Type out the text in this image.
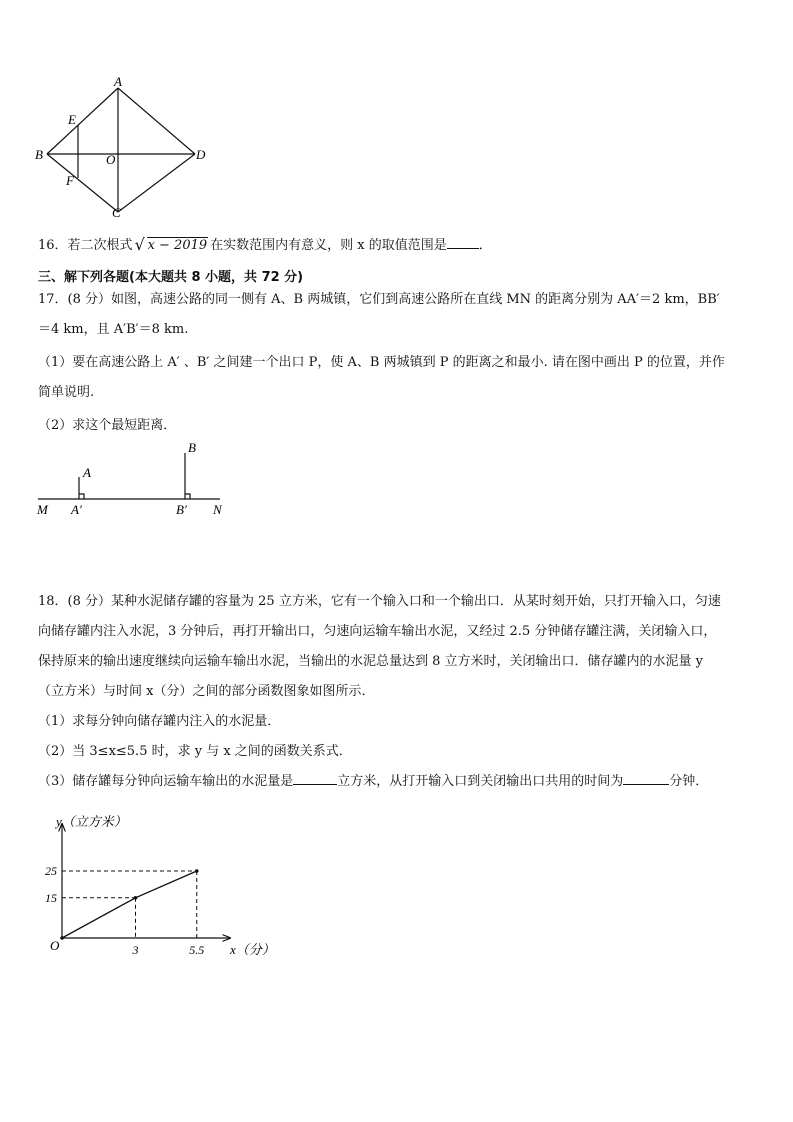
A
E
B	O	D
F
C
16．若二次根式 √ x − 2019 在实数范围内有意义，则 x 的取值范围是 ．
三、解下列各题(本大题共 8 小题，共 72 分)
17．(8 分）如图，高速公路的同一侧有 A、B 两城镇，它们到高速公路所在直线 MN 的距离分别为 AA′＝2 km，BB′
＝4 km，且 A′B′＝8 km.
（1）要在高速公路上 A′ 、B′ 之间建一个出口 P，使 A、B 两城镇到 P 的距离之和最小. 请在图中画出 P 的位置，并作
简单说明.
（2）求这个最短距离．
A
B
M A′	B′ N
18．(8 分）某种水泥储存罐的容量为 25 立方米，它有一个输入口和一个输出口．从某时刻开始，只打开输入口，匀速
向储存罐内注入水泥，3 分钟后，再打开输出口，匀速向运输车输出水泥，又经过 2.5 分钟储存罐注满，关闭输入口，
保持原来的输出速度继续向运输车输出水泥，当输出的水泥总量达到 8 立方米时，关闭输出口．储存罐内的水泥量 y
（立方米）与时间 x（分）之间的部分函数图象如图所示．
（1）求每分钟向储存罐内注入的水泥量．
（2）当 3≤x≤5.5 时，求 y 与 x 之间的函数关系式．
（3）储存罐每分钟向运输车输出的水泥量是	立方米，从打开输入口到关闭输出口共用的时间为	分钟．
y（立方米）
x（分）
O	3	5.5
15
25
